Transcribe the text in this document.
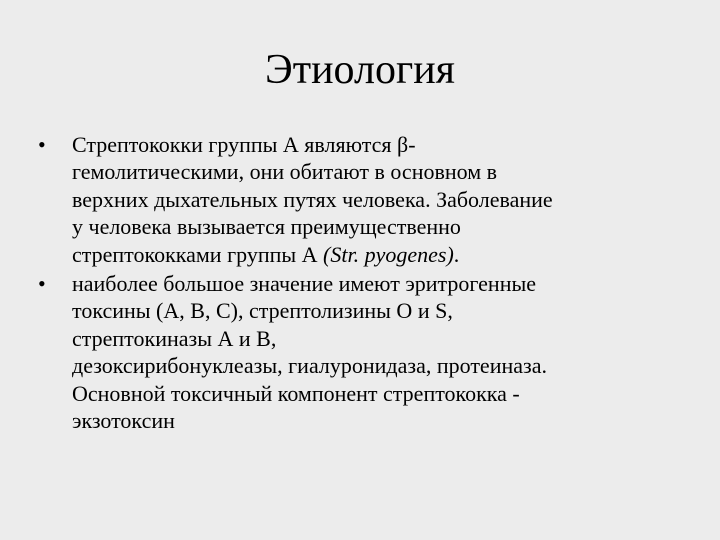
Этиология
• Стрептококки группы А являются β-
гемолитическими, они обитают в основном в
верхних дыхательных путях человека. Заболевание
у человека вызывается преимущественно
стрептококками группы А (Str. pyogenes).
• наиболее большое значение имеют эритрогенные
токсины (А, В, С), стрептолизины О и S,
стрептокиназы А и В,
дезоксирибонуклеазы, гиалуронидаза, протеиназа.
Основной токсичный компонент стрептококка -
экзотоксин
